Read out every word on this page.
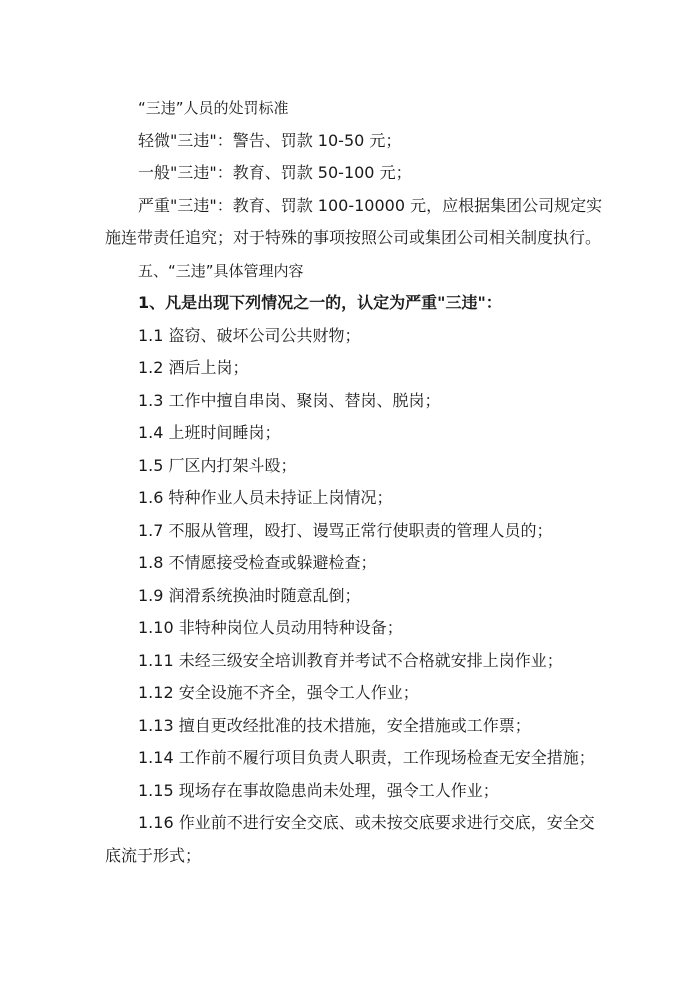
“三违”人员的处罚标准

轻微"三违"：警告、罚款 10-50 元；

一般"三违"：教育、罚款 50-100 元；

严重"三违"：教育、罚款 100-10000 元，应根据集团公司规定实施连带责任追究；对于特殊的事项按照公司或集团公司相关制度执行。

五、“三违”具体管理内容

1、凡是出现下列情况之一的，认定为严重"三违"：

1.1 盗窃、破坏公司公共财物；

1.2 酒后上岗；

1.3 工作中擅自串岗、聚岗、替岗、脱岗；

1.4 上班时间睡岗；

1.5 厂区内打架斗殴；

1.6 特种作业人员未持证上岗情况；

1.7 不服从管理，殴打、谩骂正常行使职责的管理人员的；

1.8 不情愿接受检查或躲避检查；

1.9 润滑系统换油时随意乱倒；

1.10 非特种岗位人员动用特种设备；

1.11 未经三级安全培训教育并考试不合格就安排上岗作业；

1.12 安全设施不齐全，强令工人作业；

1.13 擅自更改经批准的技术措施，安全措施或工作票；

1.14 工作前不履行项目负责人职责，工作现场检查无安全措施；

1.15 现场存在事故隐患尚未处理，强令工人作业；

1.16 作业前不进行安全交底、或未按交底要求进行交底，安全交底流于形式；
